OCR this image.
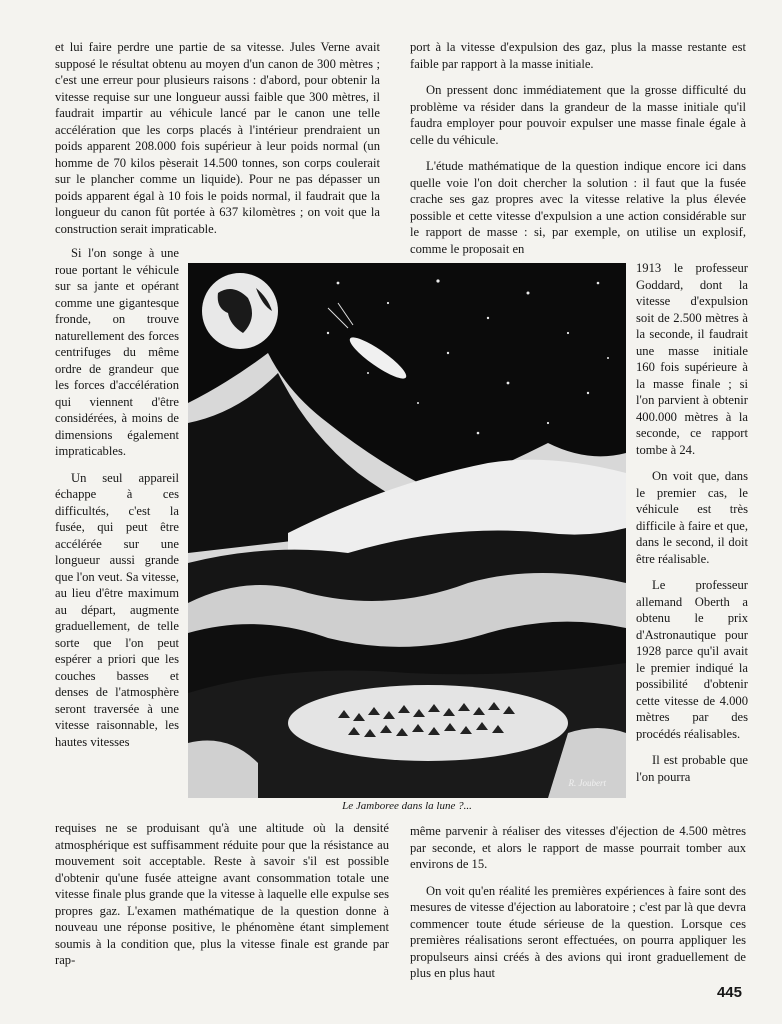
et lui faire perdre une partie de sa vitesse. Jules Verne avait supposé le résultat obtenu au moyen d'un canon de 300 mètres ; c'est une erreur pour plusieurs raisons : d'abord, pour obtenir la vitesse requise sur une longueur aussi faible que 300 mètres, il faudrait impartir au véhicule lancé par le canon une telle accélération que les corps placés à l'intérieur prendraient un poids apparent 208.000 fois supérieur à leur poids normal (un homme de 70 kilos pèserait 14.500 tonnes, son corps coulerait sur le plancher comme un liquide). Pour ne pas dépasser un poids apparent égal à 10 fois le poids normal, il faudrait que la longueur du canon fût portée à 637 kilomètres ; on voit que la construction serait impraticable.

Si l'on songe à une roue portant le véhicule sur sa jante et opérant comme une gigantesque fronde, on trouve naturellement des forces centrifuges du même ordre de grandeur que les forces d'accélération qui viennent d'être considérées, à moins de dimensions également impraticables.

Un seul appareil échappe à ces difficultés, c'est la fusée, qui peut être accélérée sur une longueur aussi grande que l'on veut. Sa vitesse, au lieu d'être maximum au départ, augmente graduellement, de telle sorte que l'on peut espérer a priori que les couches basses et denses de l'atmosphère seront traversée à une vitesse raisonnable, les hautes vitesses

requises ne se produisant qu'à une altitude où la densité atmosphérique est suffisamment réduite pour que la résistance au mouvement soit acceptable. Reste à savoir s'il est possible d'obtenir qu'une fusée atteigne avant consommation totale une vitesse finale plus grande que la vitesse à laquelle elle expulse ses propres gaz. L'examen mathématique de la question donne à nouveau une réponse positive, le phénomène étant simplement soumis à la condition que, plus la vitesse finale est grande par rap-

port à la vitesse d'expulsion des gaz, plus la masse restante est faible par rapport à la masse initiale.

On pressent donc immédiatement que la grosse difficulté du problème va résider dans la grandeur de la masse initiale qu'il faudra employer pour pouvoir expulser une masse finale égale à celle du véhicule.

L'étude mathématique de la question indique encore ici dans quelle voie l'on doit chercher la solution : il faut que la fusée crache ses gaz propres avec la vitesse relative la plus élevée possible et cette vitesse d'expulsion a une action considérable sur le rapport de masse : si, par exemple, on utilise un explosif, comme le proposait en

1913 le professeur Goddard, dont la vitesse d'expulsion soit de 2.500 mètres à la seconde, il faudrait une masse initiale 160 fois supérieure à la masse finale ; si l'on parvient à obtenir 400.000 mètres à la seconde, ce rapport tombe à 24.

On voit que, dans le premier cas, le véhicule est très difficile à faire et que, dans le second, il doit être réalisable.

Le professeur allemand Oberth a obtenu le prix d'Astronautique pour 1928 parce qu'il avait le premier indiqué la possibilité d'obtenir cette vitesse de 4.000 mètres par des procédés réalisables.

Il est probable que l'on pourra

même parvenir à réaliser des vitesses d'éjection de 4.500 mètres par seconde, et alors le rapport de masse pourrait tomber aux environs de 15.

On voit qu'en réalité les premières expériences à faire sont des mesures de vitesse d'éjection au laboratoire ; c'est par là que devra commencer toute étude sérieuse de la question. Lorsque ces premières réalisations seront effectuées, on pourra appliquer les propulseurs ainsi créés à des avions qui iront graduellement de plus en plus haut

R. Joubert
Le Jamboree dans la lune ?...
445
